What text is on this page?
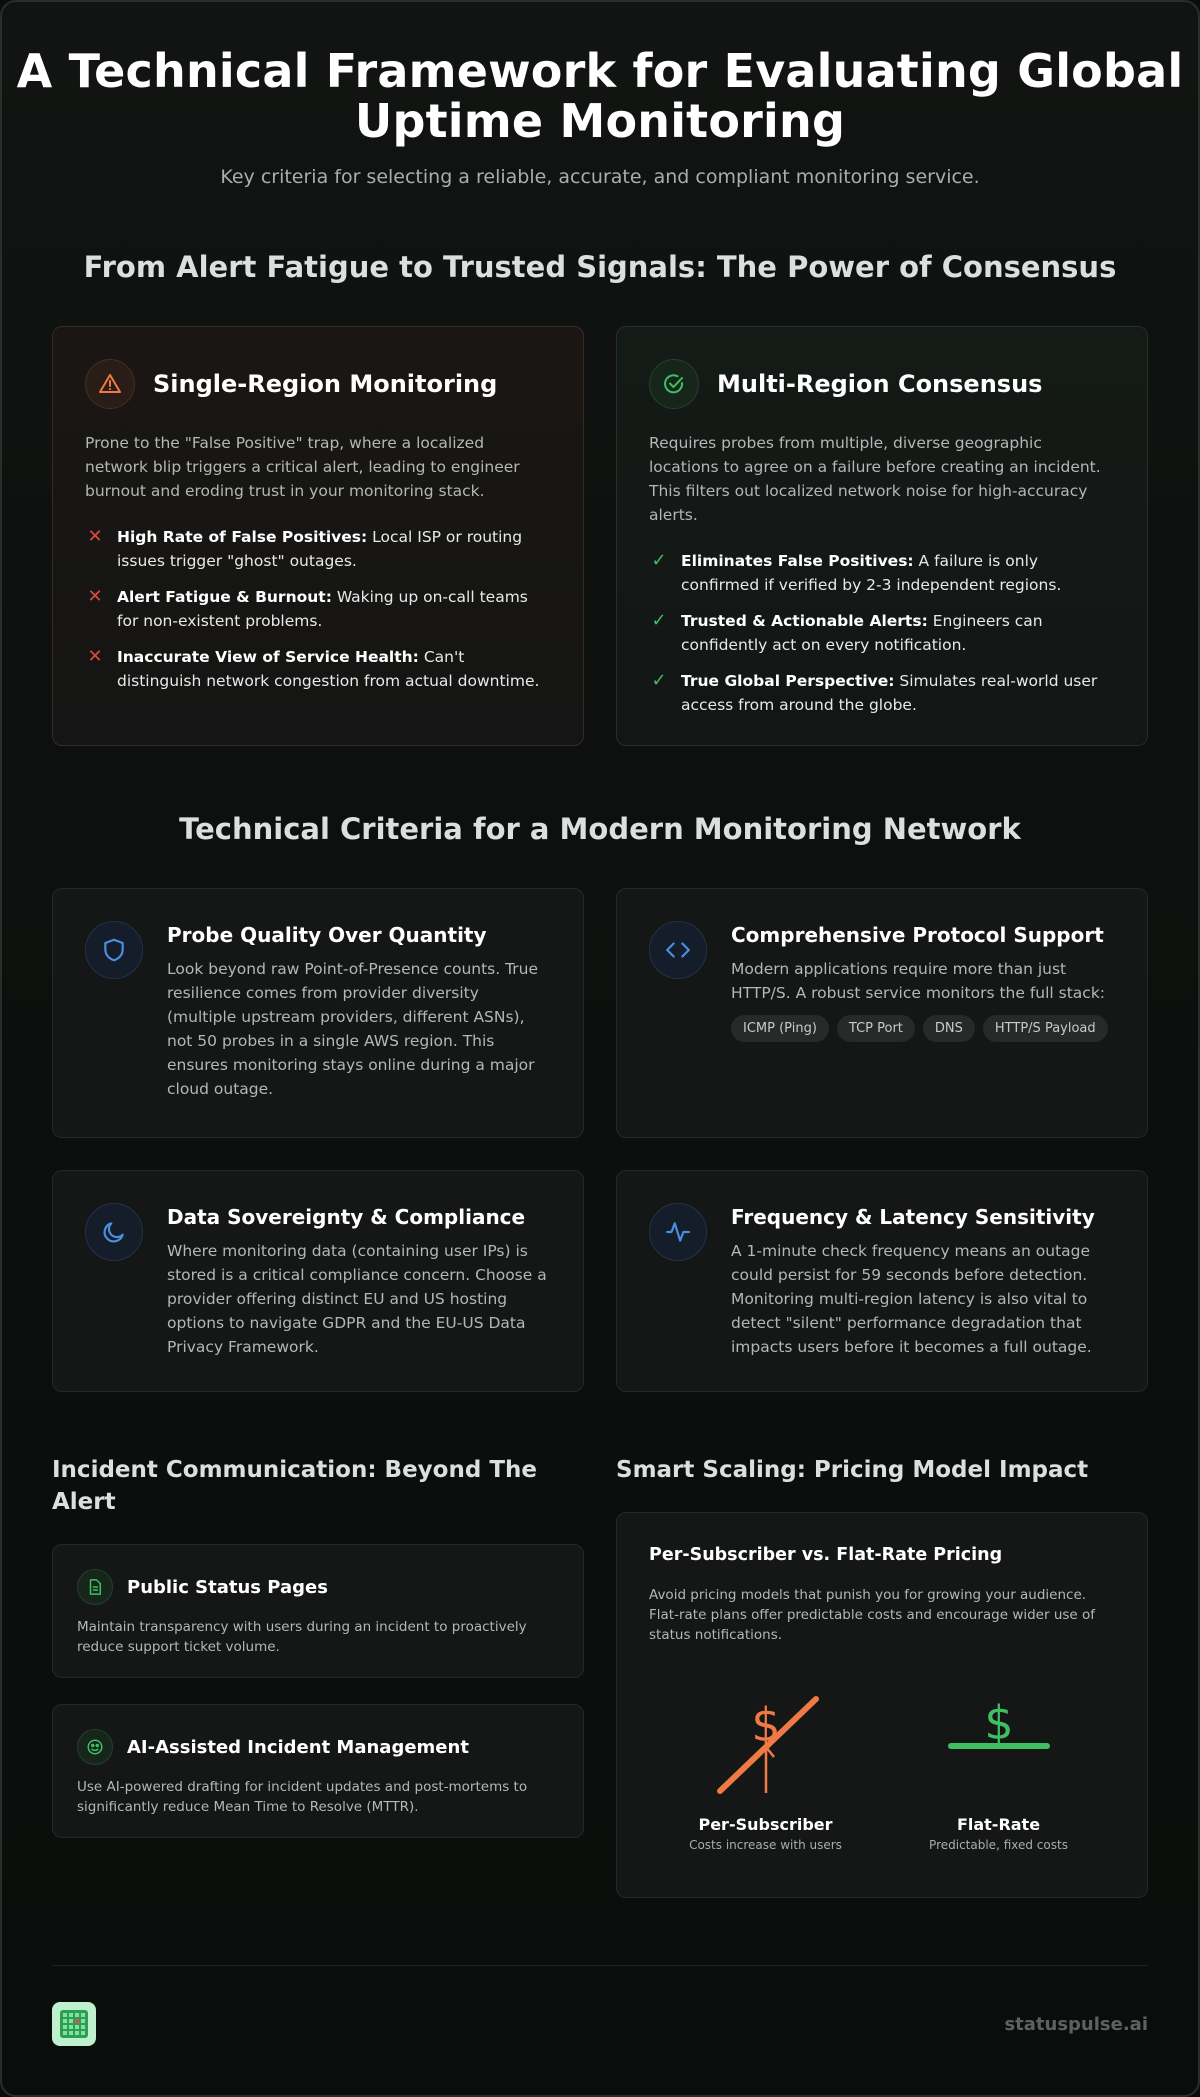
A Technical Framework for Evaluating Global Uptime Monitoring

Key criteria for selecting a reliable, accurate, and compliant monitoring service.

From Alert Fatigue to Trusted Signals: The Power of Consensus
Single-Region Monitoring

Prone to the "False Positive" trap, where a localized network blip triggers a critical alert, leading to engineer burnout and eroding trust in your monitoring stack.

✕ High Rate of False Positives: Local ISP or routing issues trigger "ghost" outages.
✕ Alert Fatigue & Burnout: Waking up on-call teams for non-existent problems.
✕ Inaccurate View of Service Health: Can't distinguish network congestion from actual downtime.
Multi-Region Consensus

Requires probes from multiple, diverse geographic locations to agree on a failure before creating an incident. This filters out localized network noise for high-accuracy alerts.

✓ Eliminates False Positives: A failure is only confirmed if verified by 2-3 independent regions.
✓ Trusted & Actionable Alerts: Engineers can confidently act on every notification.
✓ True Global Perspective: Simulates real-world user access from around the globe.
Technical Criteria for a Modern Monitoring Network
Probe Quality Over Quantity

Look beyond raw Point-of-Presence counts. True resilience comes from provider diversity (multiple upstream providers, different ASNs), not 50 probes in a single AWS region. This ensures monitoring stays online during a major cloud outage.

Comprehensive Protocol Support

Modern applications require more than just HTTP/S. A robust service monitors the full stack:

ICMP (Ping)	TCP Port	DNS	HTTP/S Payload
Data Sovereignty & Compliance

Where monitoring data (containing user IPs) is stored is a critical compliance concern. Choose a provider offering distinct EU and US hosting options to navigate GDPR and the EU-US Data Privacy Framework.

Frequency & Latency Sensitivity

A 1-minute check frequency means an outage could persist for 59 seconds before detection. Monitoring multi-region latency is also vital to detect "silent" performance degradation that impacts users before it becomes a full outage.

Incident Communication: Beyond The Alert
Public Status Pages

Maintain transparency with users during an incident to proactively reduce support ticket volume.

AI-Assisted Incident Management

Use AI-powered drafting for incident updates and post-mortems to significantly reduce Mean Time to Resolve (MTTR).

Smart Scaling: Pricing Model Impact
Per-Subscriber vs. Flat-Rate Pricing

Avoid pricing models that punish you for growing your audience. Flat-rate plans offer predictable costs and encourage wider use of status notifications.

$
Per-Subscriber
Costs increase with users
$
Flat-Rate
Predictable, fixed costs
statuspulse.ai
